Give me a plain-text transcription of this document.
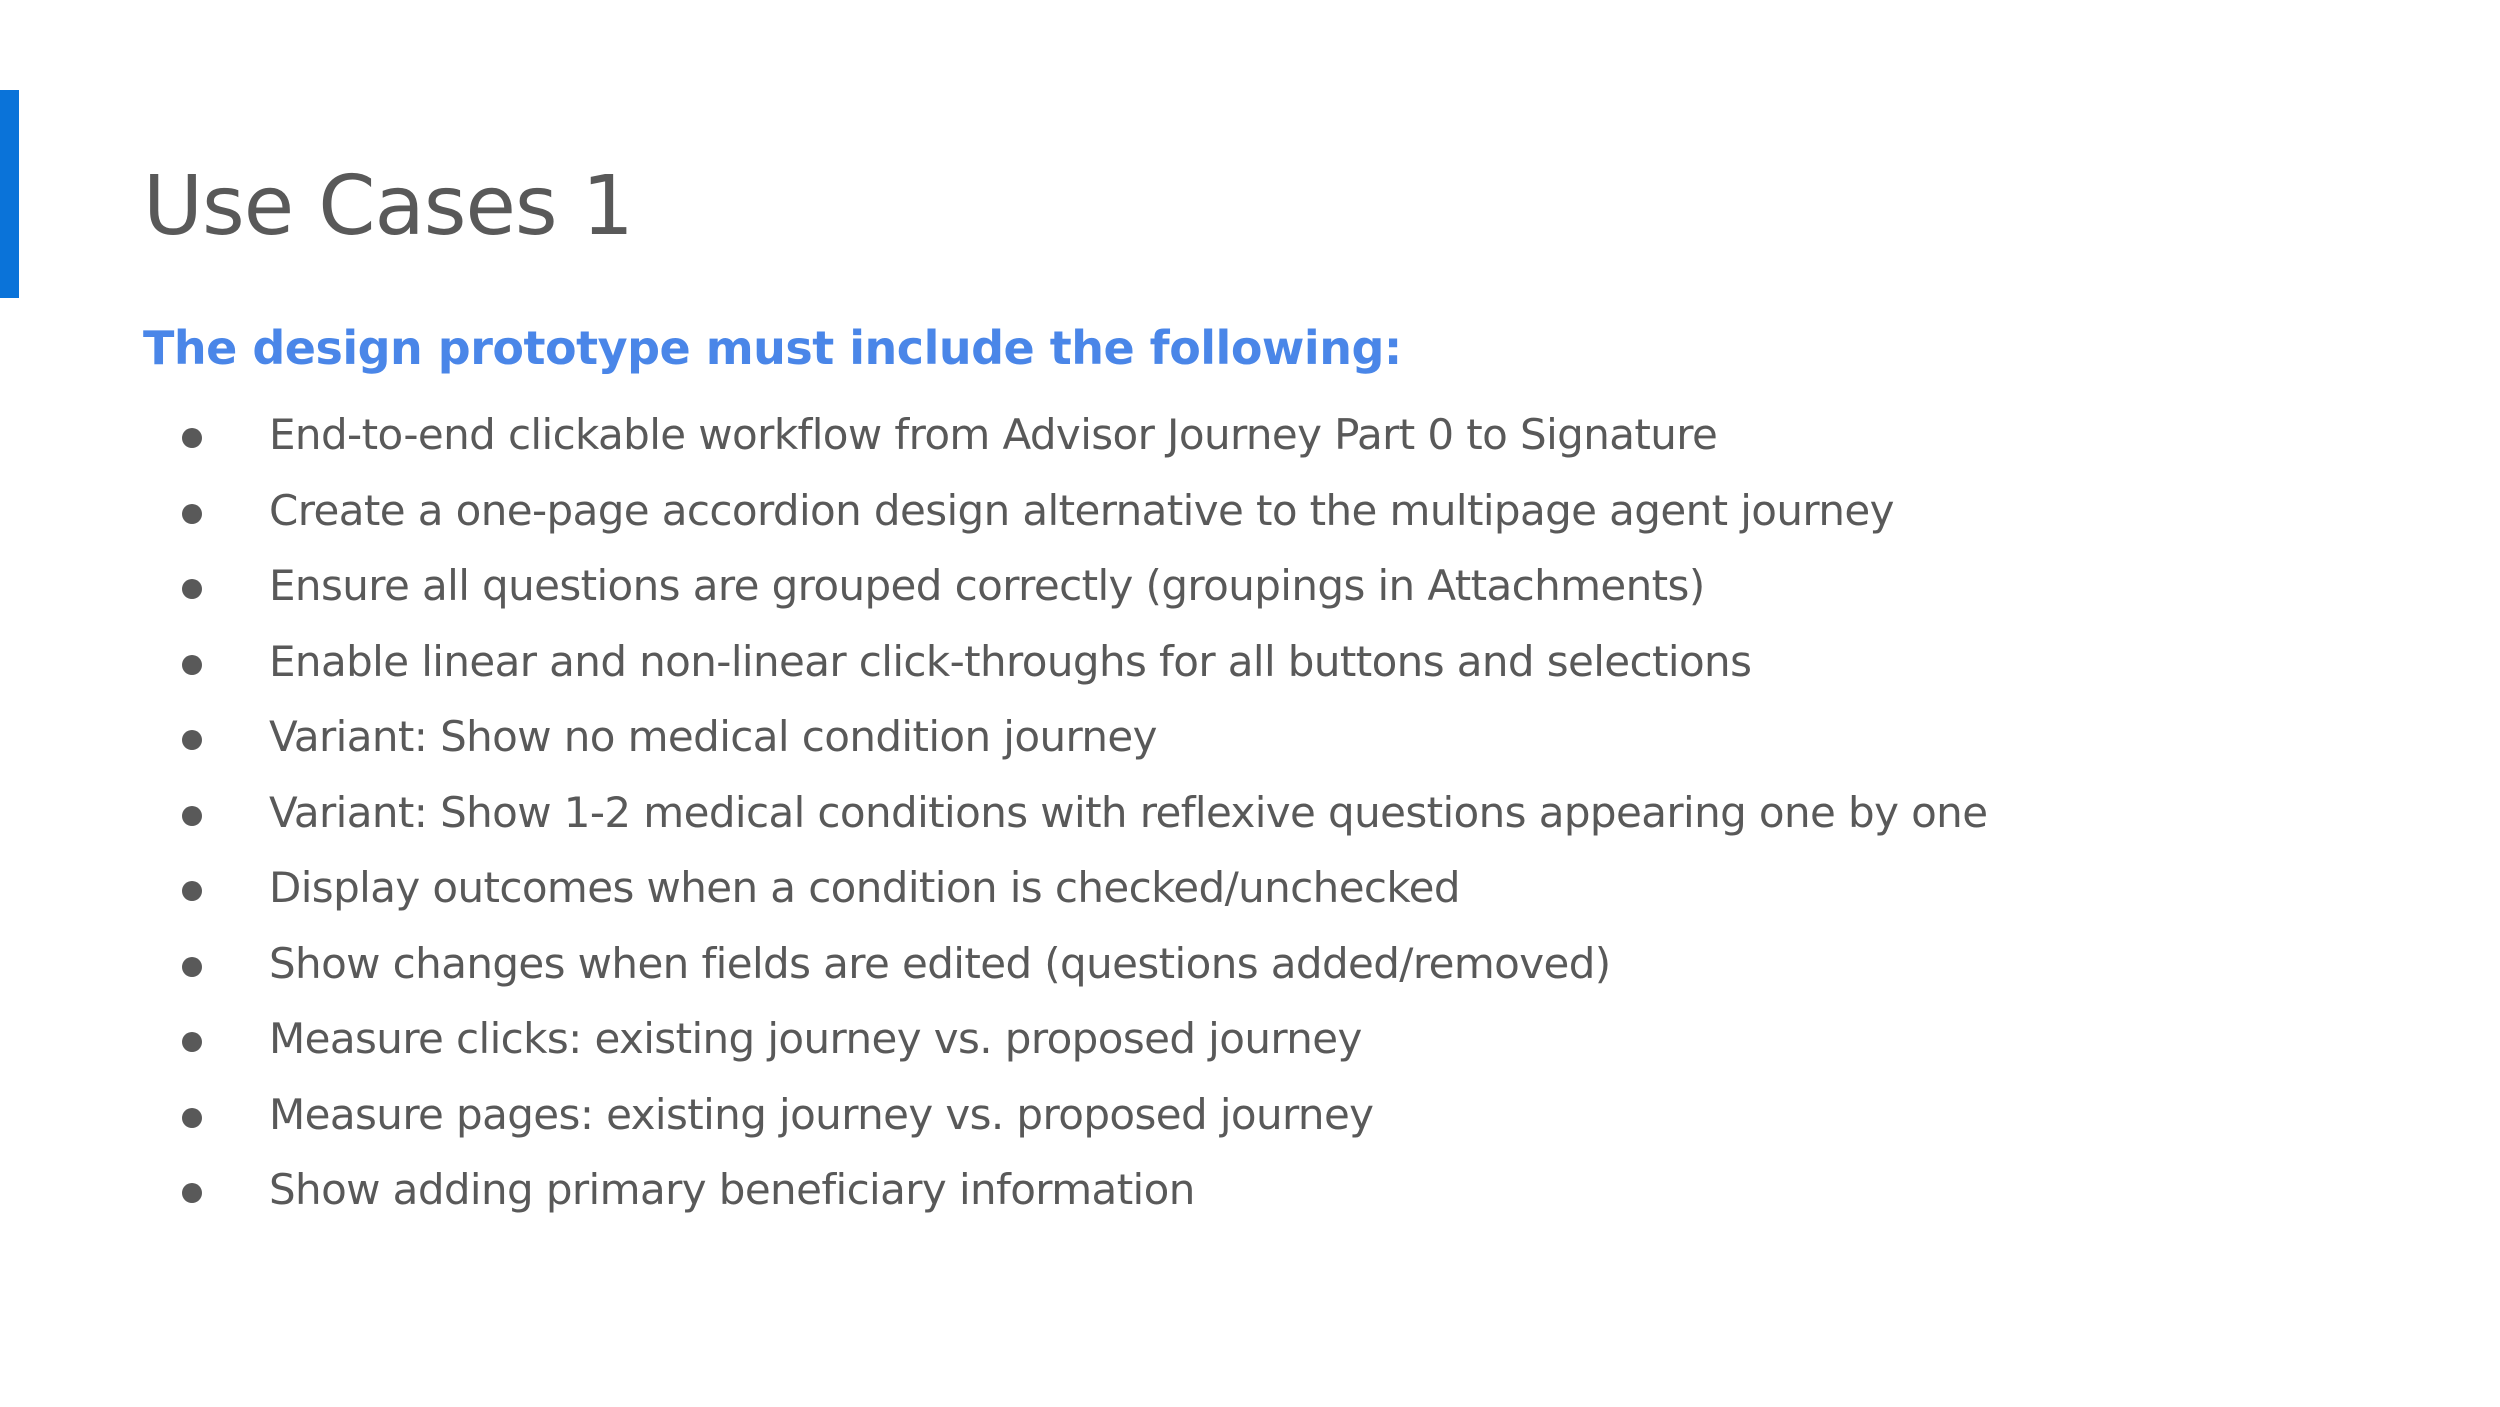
Use Cases 1
The design prototype must include the following:
End-to-end clickable workflow from Advisor Journey Part 0 to Signature
Create a one-page accordion design alternative to the multipage agent journey
Ensure all questions are grouped correctly (groupings in Attachments)
Enable linear and non-linear click-throughs for all buttons and selections
Variant: Show no medical condition journey
Variant: Show 1-2 medical conditions with reflexive questions appearing one by one
Display outcomes when a condition is checked/unchecked
Show changes when fields are edited (questions added/removed)
Measure clicks: existing journey vs. proposed journey
Measure pages: existing journey vs. proposed journey
Show adding primary beneficiary information
